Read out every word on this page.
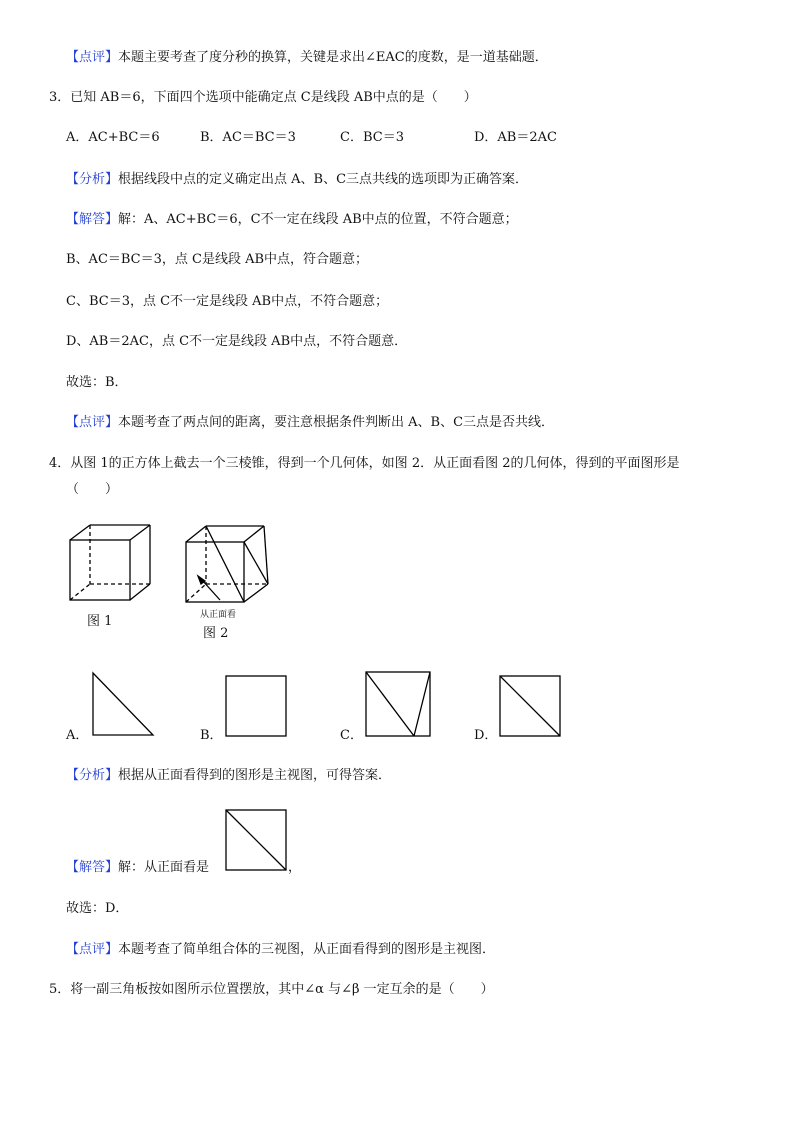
【点评】本题主要考查了度分秒的换算，关键是求出∠EAC的度数，是一道基础题．
3．已知 AB＝6，下面四个选项中能确定点 C是线段 AB中点的是（　　）
A．AC+BC＝6	B．AC＝BC＝3	C．BC＝3	D．AB＝2AC
【分析】根据线段中点的定义确定出点 A、B、C三点共线的选项即为正确答案．
【解答】解：A、AC+BC＝6，C不一定在线段 AB中点的位置，不符合题意；
B、AC＝BC＝3，点 C是线段 AB中点，符合题意；
C、BC＝3，点 C不一定是线段 AB中点，不符合题意；
D、AB＝2AC，点 C不一定是线段 AB中点，不符合题意．
故选：B．
【点评】本题考查了两点间的距离，要注意根据条件判断出 A、B、C三点是否共线．
4．从图 1的正方体上截去一个三棱锥，得到一个几何体，如图 2．从正面看图 2的几何体，得到的平面图形是
（　　）
图 1	从正面看
图 2
A．	B．	C．	D．
【分析】根据从正面看得到的图形是主视图，可得答案．
【解答】解：从正面看是	，
故选：D．
【点评】本题考查了简单组合体的三视图，从正面看得到的图形是主视图．
5．将一副三角板按如图所示位置摆放，其中∠α 与∠β 一定互余的是（　　）
